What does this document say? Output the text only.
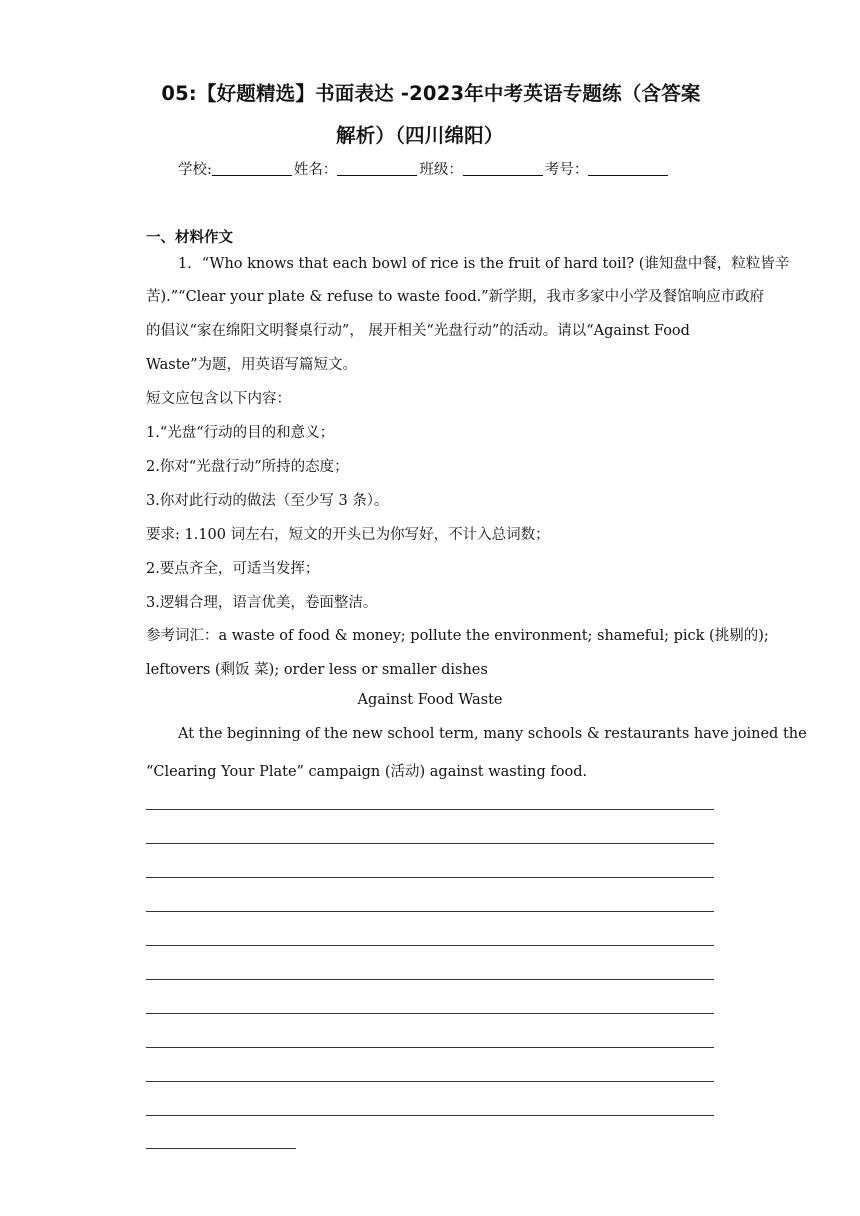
05:【好题精选】书面表达 -2023年中考英语专题练（含答案
解析）（四川绵阳）
学校:	姓名：	班级：	考号：
一、材料作文
1．“Who knows that each bowl of rice is the fruit of hard toil? (谁知盘中餐，粒粒皆辛
苦).”“Clear your plate & refuse to waste food.”新学期，我市多家中小学及餐馆响应市政府
的倡议“家在绵阳文明餐桌行动”， 展开相关“光盘行动”的活动。请以“Against Food
Waste”为题，用英语写篇短文。
短文应包含以下内容：
1.“光盘“行动的目的和意义；
2.你对“光盘行动”所持的态度；
3.你对此行动的做法（至少写 3 条）。
要求: 1.100 词左右，短文的开头已为你写好，不计入总词数；
2.要点齐全，可适当发挥；
3.逻辑合理，语言优美，卷面整洁。
参考词汇：a waste of food & money; pollute the environment; shameful; pick (挑剔的);
leftovers (剩饭 菜); order less or smaller dishes
Against Food Waste
At the beginning of the new school term, many schools & restaurants have joined the
“Clearing Your Plate” campaign (活动) against wasting food.
